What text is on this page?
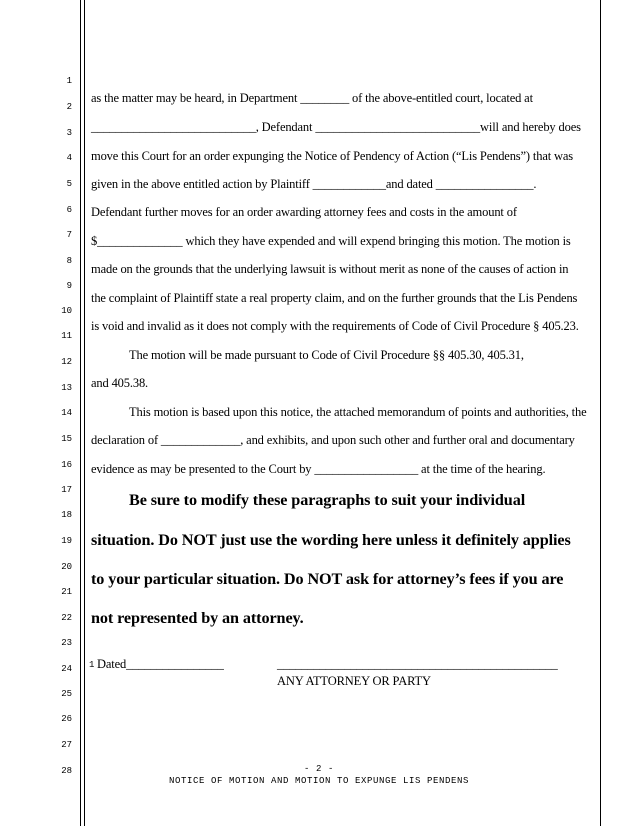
1
2
3
4
5
6
7
8
9
10
11
12
13
14
15
16
17
18
19
20
21
22
23
24
25
26
27
28
as the matter may be heard, in Department ________ of the above-entitled court, located at
___________________________, Defendant ___________________________will and hereby does
move this Court for an order expunging the Notice of Pendency of Action (“Lis Pendens”) that was
given in the above entitled action by Plaintiff ____________and dated ________________.
Defendant further moves for an order awarding attorney fees and costs in the amount of
$______________ which they have expended and will expend bringing this motion. The motion is
made on the grounds that the underlying lawsuit is without merit as none of the causes of action in
the complaint of Plaintiff state a real property claim, and on the further grounds that the Lis Pendens
is void and invalid as it does not comply with the requirements of Code of Civil Procedure § 405.23.
The motion will be made pursuant to Code of Civil Procedure §§ 405.30, 405.31,
and 405.38.
This motion is based upon this notice, the attached memorandum of points and authorities, the
declaration of _____________, and exhibits, and upon such other and further oral and documentary
evidence as may be presented to the Court by _________________ at the time of the hearing.
Be sure to modify these paragraphs to suit your individual
situation. Do NOT just use the wording here unless it definitely applies
to your particular situation. Do NOT ask for attorney’s fees if you are
not represented by an attorney.
1 Dated________________	______________________________________________
ANY ATTORNEY OR PARTY
- 2 -
NOTICE OF MOTION AND MOTION TO EXPUNGE LIS PENDENS
